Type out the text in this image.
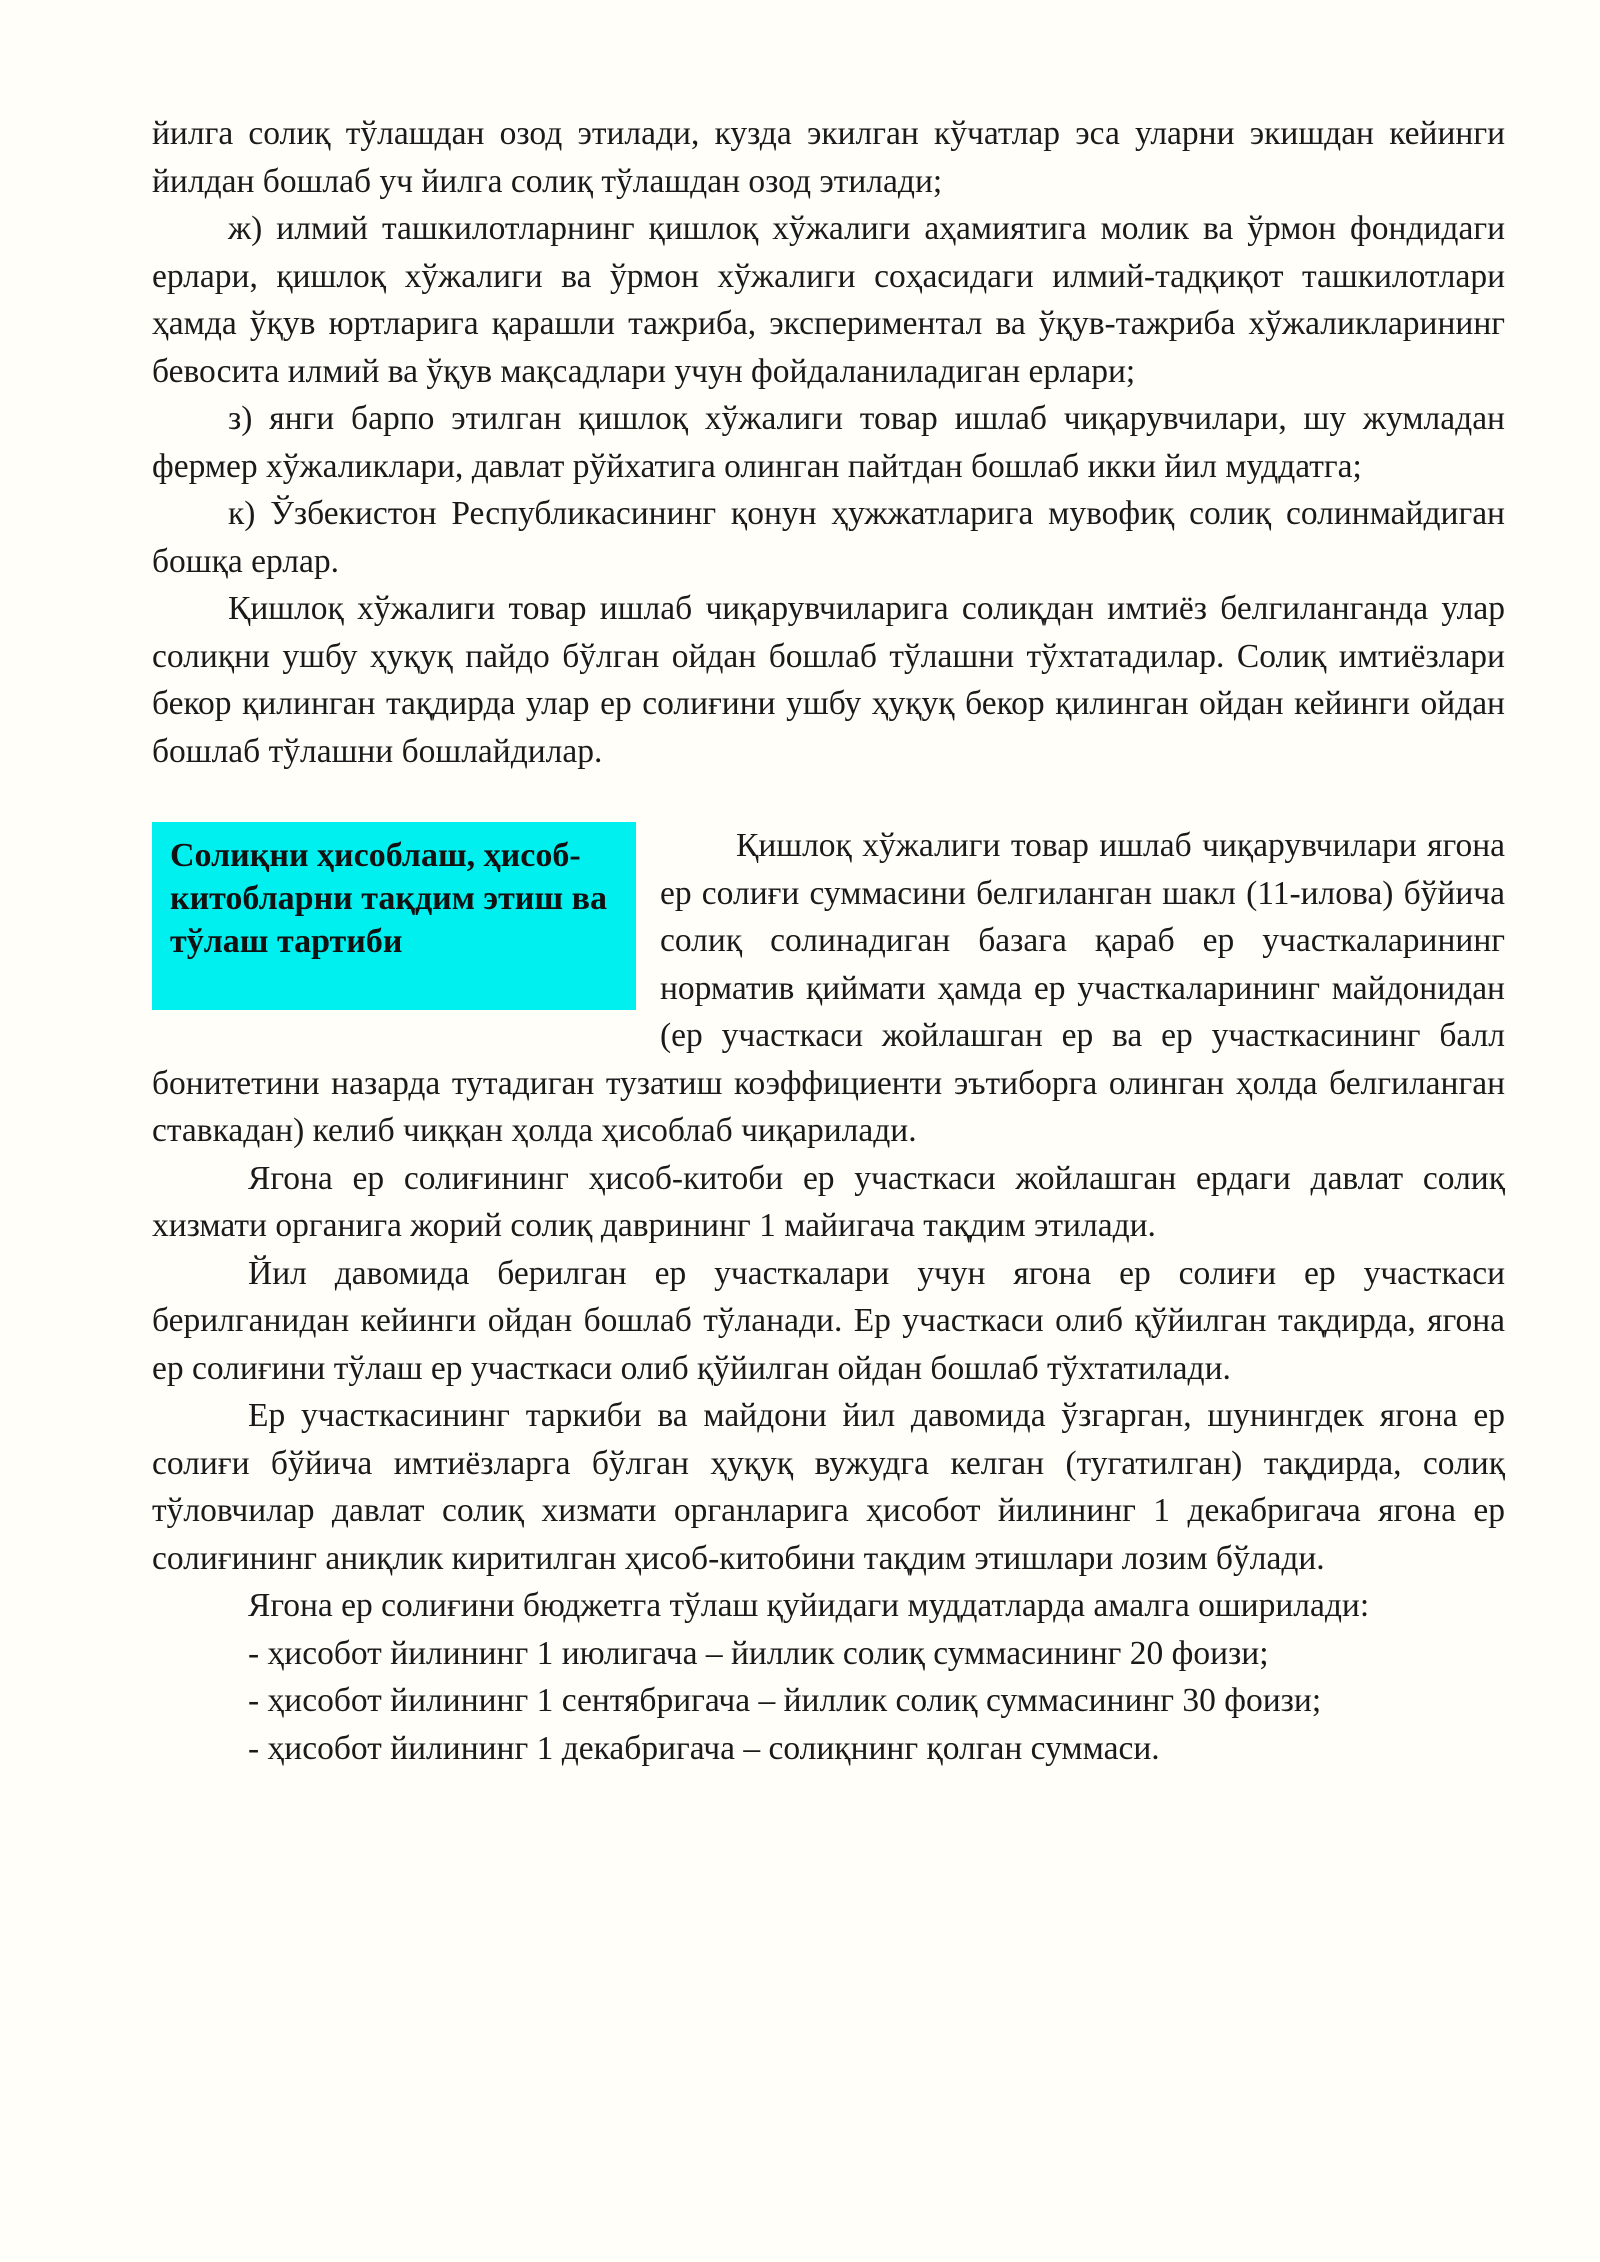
йилга солиқ тўлашдан озод этилади, кузда экилган кўчатлар эса уларни экишдан кейинги йилдан бошлаб уч йилга солиқ тўлашдан озод этилади;

ж) илмий ташкилотларнинг қишлоқ хўжалиги аҳамиятига молик ва ўрмон фондидаги ерлари, қишлоқ хўжалиги ва ўрмон хўжалиги соҳасидаги илмий-тадқиқот ташкилотлари ҳамда ўқув юртларига қарашли тажриба, экспериментал ва ўқув-тажриба хўжаликларининг бевосита илмий ва ўқув мақсадлари учун фойдаланиладиган ерлари;

з) янги барпо этилган қишлоқ хўжалиги товар ишлаб чиқарувчилари, шу жумладан фермер хўжаликлари, давлат рўйхатига олинган пайтдан бошлаб икки йил муддатга;

к) Ўзбекистон Республикасининг қонун ҳужжатларига мувофиқ солиқ солинмайдиган бошқа ерлар.

Қишлоқ хўжалиги товар ишлаб чиқарувчиларига солиқдан имтиёз белгиланганда улар солиқни ушбу ҳуқуқ пайдо бўлган ойдан бошлаб тўлашни тўхтатадилар. Солиқ имтиёзлари бекор қилинган тақдирда улар ер солиғини ушбу ҳуқуқ бекор қилинган ойдан кейинги ойдан бошлаб тўлашни бошлайдилар.

Солиқни ҳисоблаш, ҳисоб-китобларни тақдим этиш ва тўлаш тартиби

Қишлоқ хўжалиги товар ишлаб чиқарувчилари ягона ер солиғи суммасини белгиланган шакл (11-илова) бўйича солиқ солинадиган базага қараб ер участкаларининг норматив қиймати ҳамда ер участкаларининг майдонидан (ер участкаси жойлашган ер ва ер участкасининг балл бонитетини назарда тутадиган тузатиш коэффициенти эътиборга олинган ҳолда белгиланган ставкадан) келиб чиққан ҳолда ҳисоблаб чиқарилади.

Ягона ер солиғининг ҳисоб-китоби ер участкаси жойлашган ердаги давлат солиқ хизмати органига жорий солиқ даврининг 1 майигача тақдим этилади.

Йил давомида берилган ер участкалари учун ягона ер солиғи ер участкаси берилганидан кейинги ойдан бошлаб тўланади. Ер участкаси олиб қўйилган тақдирда, ягона ер солиғини тўлаш ер участкаси олиб қўйилган ойдан бошлаб тўхтатилади.

Ер участкасининг таркиби ва майдони йил давомида ўзгарган, шунингдек ягона ер солиғи бўйича имтиёзларга бўлган ҳуқуқ вужудга келган (тугатилган) тақдирда, солиқ тўловчилар давлат солиқ хизмати органларига ҳисобот йилининг 1 декабригача ягона ер солиғининг аниқлик киритилган ҳисоб-китобини тақдим этишлари лозим бўлади.

Ягона ер солиғини бюджетга тўлаш қуйидаги муддатларда амалга оширилади:

- ҳисобот йилининг 1 июлигача – йиллик солиқ суммасининг 20 фоизи;

- ҳисобот йилининг 1 сентябригача – йиллик солиқ суммасининг 30 фоизи;

- ҳисобот йилининг 1 декабригача – солиқнинг қолган суммаси.
